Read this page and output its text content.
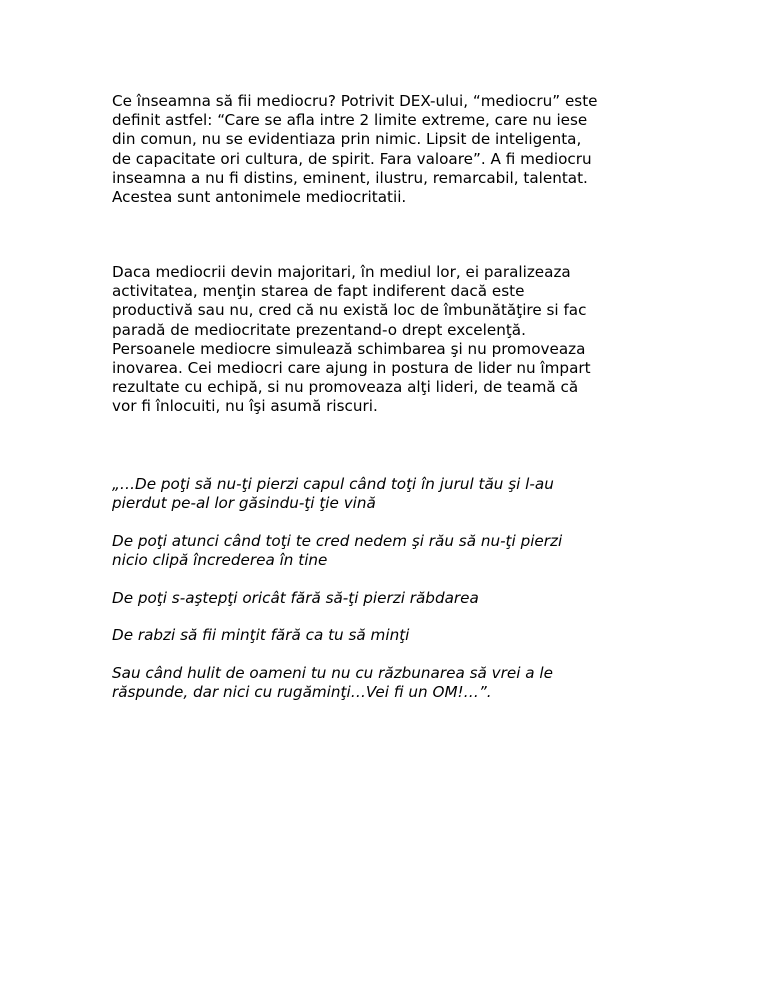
Ce înseamna să fii mediocru? Potrivit DEX-ului, “mediocru” este
definit astfel: “Care se afla intre 2 limite extreme, care nu iese
din comun, nu se evidentiaza prin nimic. Lipsit de inteligenta,
de capacitate ori cultura, de spirit. Fara valoare”. A fi mediocru
inseamna a nu fi distins, eminent, ilustru, remarcabil, talentat.
Acestea sunt antonimele mediocritatii.

Daca mediocrii devin majoritari, în mediul lor, ei paralizeaza
activitatea, menţin starea de fapt indiferent dacă este
productivă sau nu, cred că nu există loc de îmbunătăţire si fac
paradă de mediocritate prezentand-o drept excelenţă.
Persoanele mediocre simulează schimbarea şi nu promoveaza
inovarea. Cei mediocri care ajung in postura de lider nu împart
rezultate cu echipă, si nu promoveaza alţi lideri, de teamă că
vor fi înlocuiti, nu îşi asumă riscuri.

„…De poţi să nu-ţi pierzi capul când toţi în jurul tău şi l-au
pierdut pe-al lor găsindu-ţi ţie vină

De poţi atunci când toţi te cred nedem şi rău să nu-ţi pierzi
nicio clipă încrederea în tine

De poţi s-aştepţi oricât fără să-ţi pierzi răbdarea

De rabzi să fii minţit fără ca tu să minţi

Sau când hulit de oameni tu nu cu răzbunarea să vrei a le
răspunde, dar nici cu rugăminţi…Vei fi un OM!…”.
